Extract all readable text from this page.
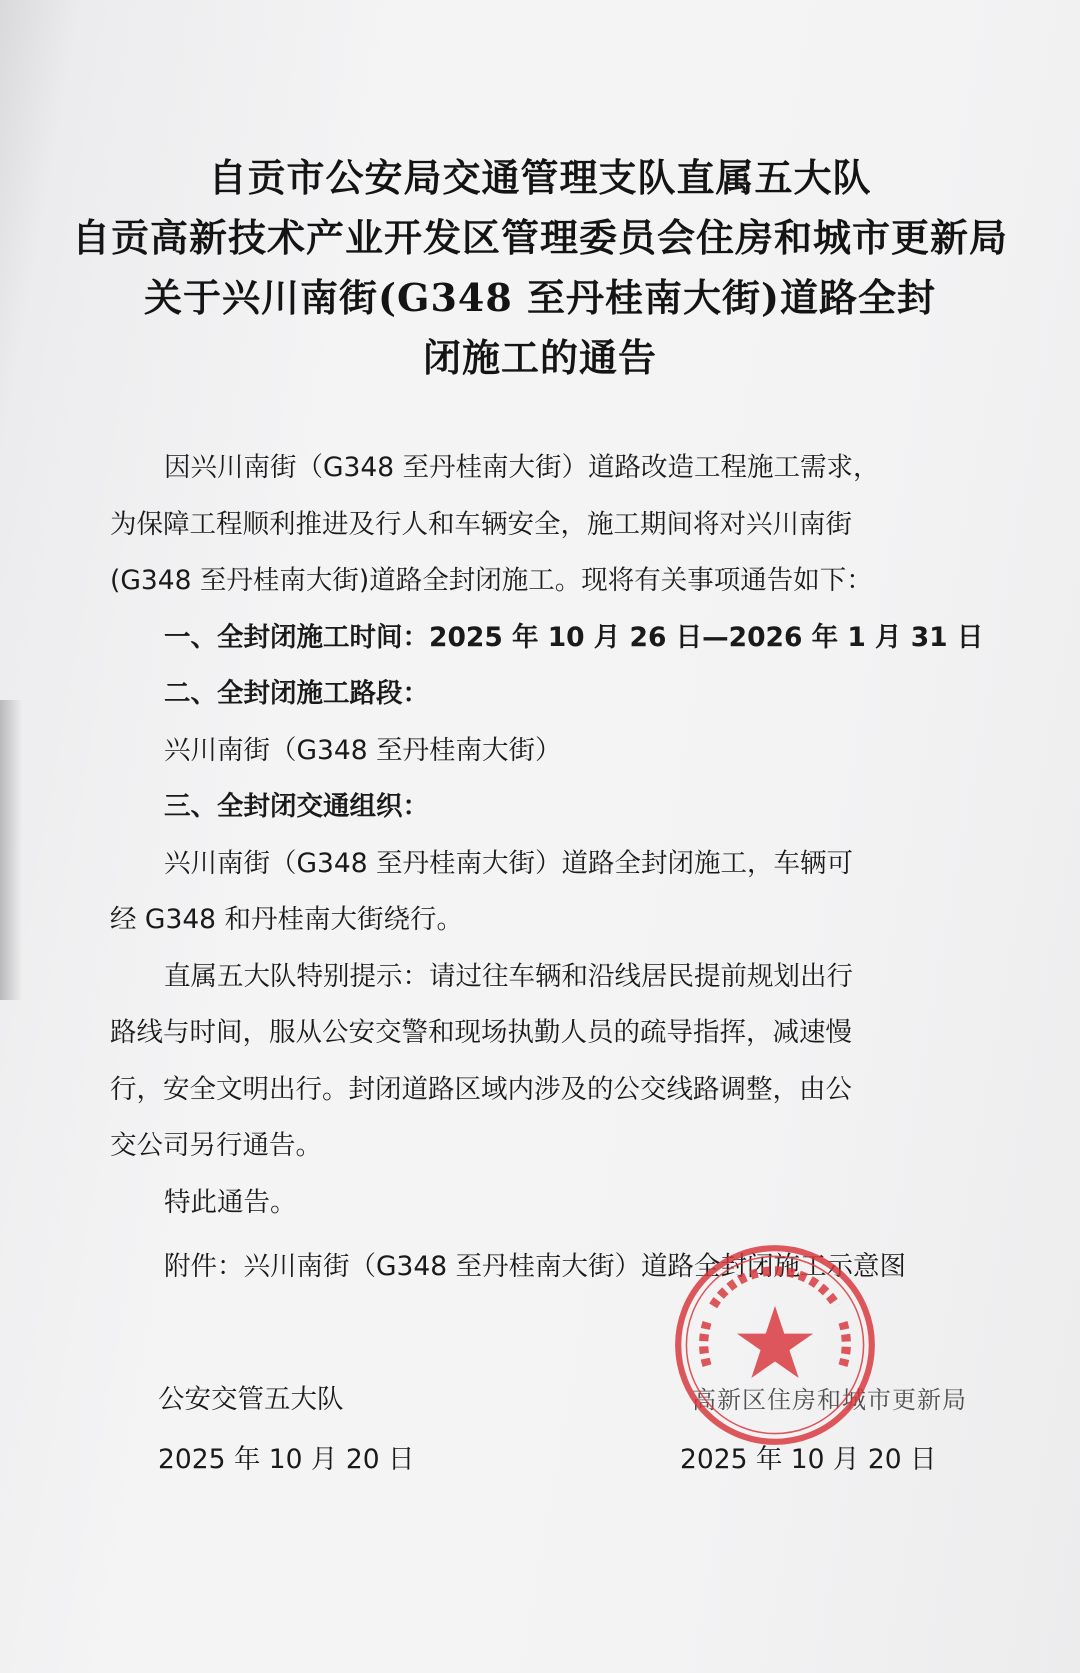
自贡市公安局交通管理支队直属五大队
自贡高新技术产业开发区管理委员会住房和城市更新局
关于兴川南街(G348 至丹桂南大街)道路全封
闭施工的通告
因兴川南街（G348 至丹桂南大街）道路改造工程施工需求，
为保障工程顺利推进及行人和车辆安全，施工期间将对兴川南街
(G348 至丹桂南大街)道路全封闭施工。现将有关事项通告如下：
一、全封闭施工时间：2025 年 10 月 26 日—2026 年 1 月 31 日
二、全封闭施工路段：
兴川南街（G348 至丹桂南大街）
三、全封闭交通组织：
兴川南街（G348 至丹桂南大街）道路全封闭施工，车辆可
经 G348 和丹桂南大街绕行。
直属五大队特别提示：请过往车辆和沿线居民提前规划出行
路线与时间，服从公安交警和现场执勤人员的疏导指挥，减速慢
行，安全文明出行。封闭道路区域内涉及的公交线路调整，由公
交公司另行通告。
特此通告。
附件：兴川南街（G348 至丹桂南大街）道路全封闭施工示意图
公安交管五大队
2025 年 10 月 20 日
高新区住房和城市更新局
2025 年 10 月 20 日
